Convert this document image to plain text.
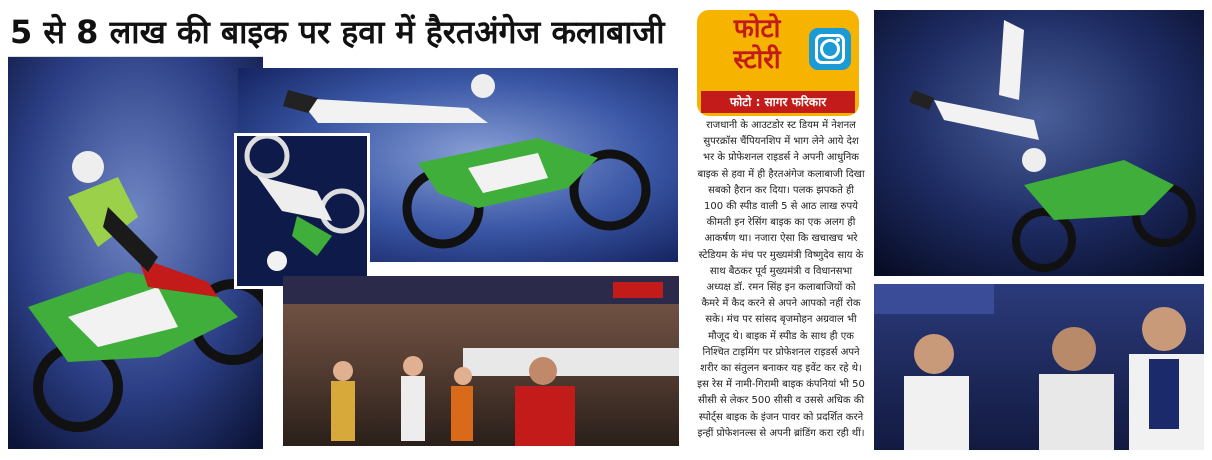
5 से 8 लाख की बाइक पर हवा में हैरतअंगेज कलाबाजी	फोटो
स्टोरी
फोटो : सागर फरिकार
राजधानी के आउटडोर स्ट डियम में नेशनल सुपरक्रॉस चैंपियनशिप में भाग लेने आये देश भर के प्रोफेशनल राइडर्स ने अपनी आधुनिक बाइक से हवा में ही हैरतअंगेज कलाबाजी दिखा सबको हैरान कर दिया। पलक झपकते ही 100 की स्पीड वाली 5 से आठ लाख रुपये कीमती इन रेसिंग बाइक का एक अलग ही आकर्षण था। नजारा ऐसा कि खचाखच भरे स्टेडियम के मंच पर मुख्यमंत्री विष्णुदेव साय के साथ बैठकर पूर्व मुख्यमंत्री व विधानसभा अध्यक्ष डॉ. रमन सिंह इन कलाबाजियों को कैमरे में कैद करने से अपने आपको नहीं रोक सके। मंच पर सांसद बृजमोहन अग्रवाल भी मौजूद थे। बाइक में स्पीड के साथ ही एक निश्चित टाइमिंग पर प्रोफेशनल राइडर्स अपने शरीर का संतुलन बनाकर यह इवेंट कर रहे थे। इस रेस में नामी-गिरामी बाइक कंपनियां भी 50 सीसी से लेकर 500 सीसी व उससे अधिक की स्पोर्ट्स बाइक के इंजन पावर को प्रदर्शित करने इन्हीं प्रोफेशनल्स से अपनी ब्रांडिंग करा रही थीं।
